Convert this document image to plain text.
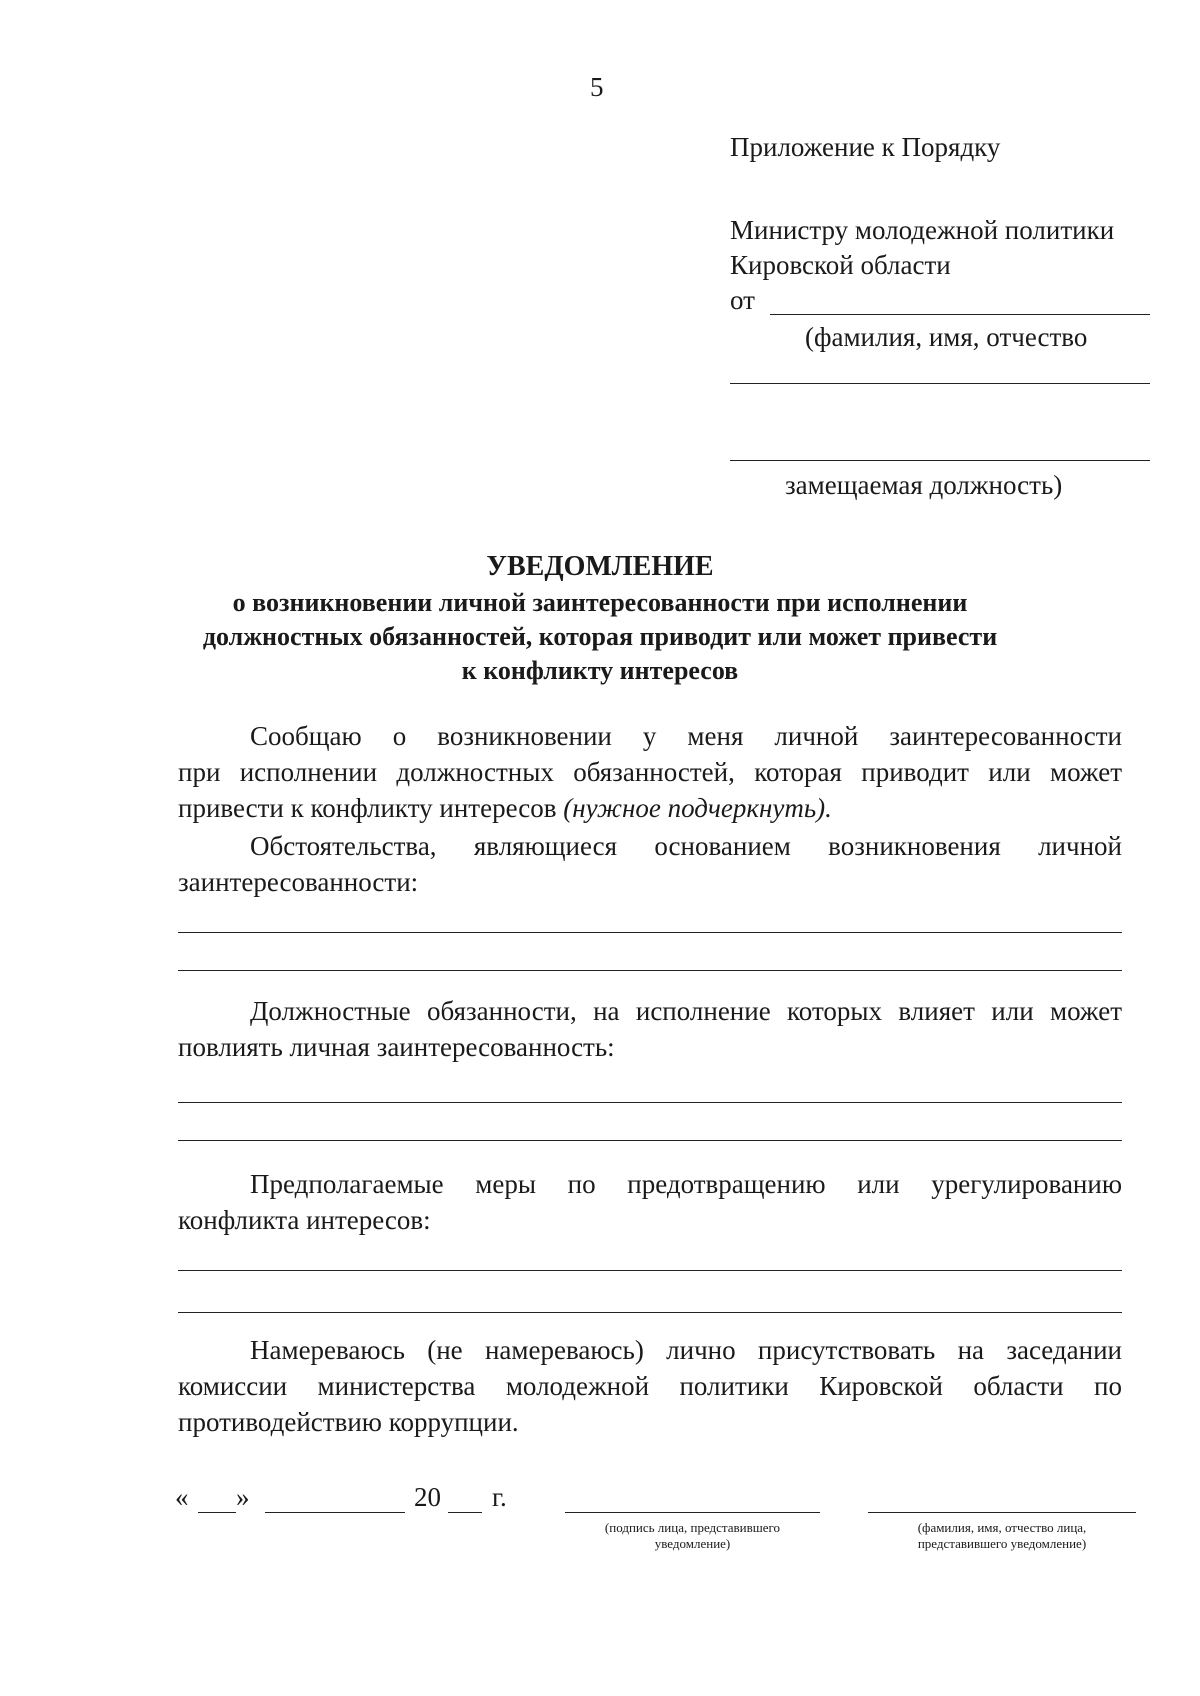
5
Приложение к Порядку
Министру молодежной политики
Кировской области
от
(фамилия, имя, отчество
замещаемая должность)
УВЕДОМЛЕНИЕ
о возникновении личной заинтересованности при исполнении
должностных обязанностей, которая приводит или может привести
к конфликту интересов
Сообщаю о возникновении у меня личной заинтересованности
при исполнении должностных обязанностей, которая приводит или может
привести к конфликту интересов (нужное подчеркнуть).
Обстоятельства, являющиеся основанием возникновения личной
заинтересованности:
Должностные обязанности, на исполнение которых влияет или может
повлиять личная заинтересованность:
Предполагаемые меры по предотвращению или урегулированию
конфликта интересов:
Намереваюсь (не намереваюсь) лично присутствовать на заседании
комиссии министерства молодежной политики Кировской области по
противодействию коррупции.
« »	20 г.
(подпись лица, представившего
уведомление)
(фамилия, имя, отчество лица,
представившего уведомление)
